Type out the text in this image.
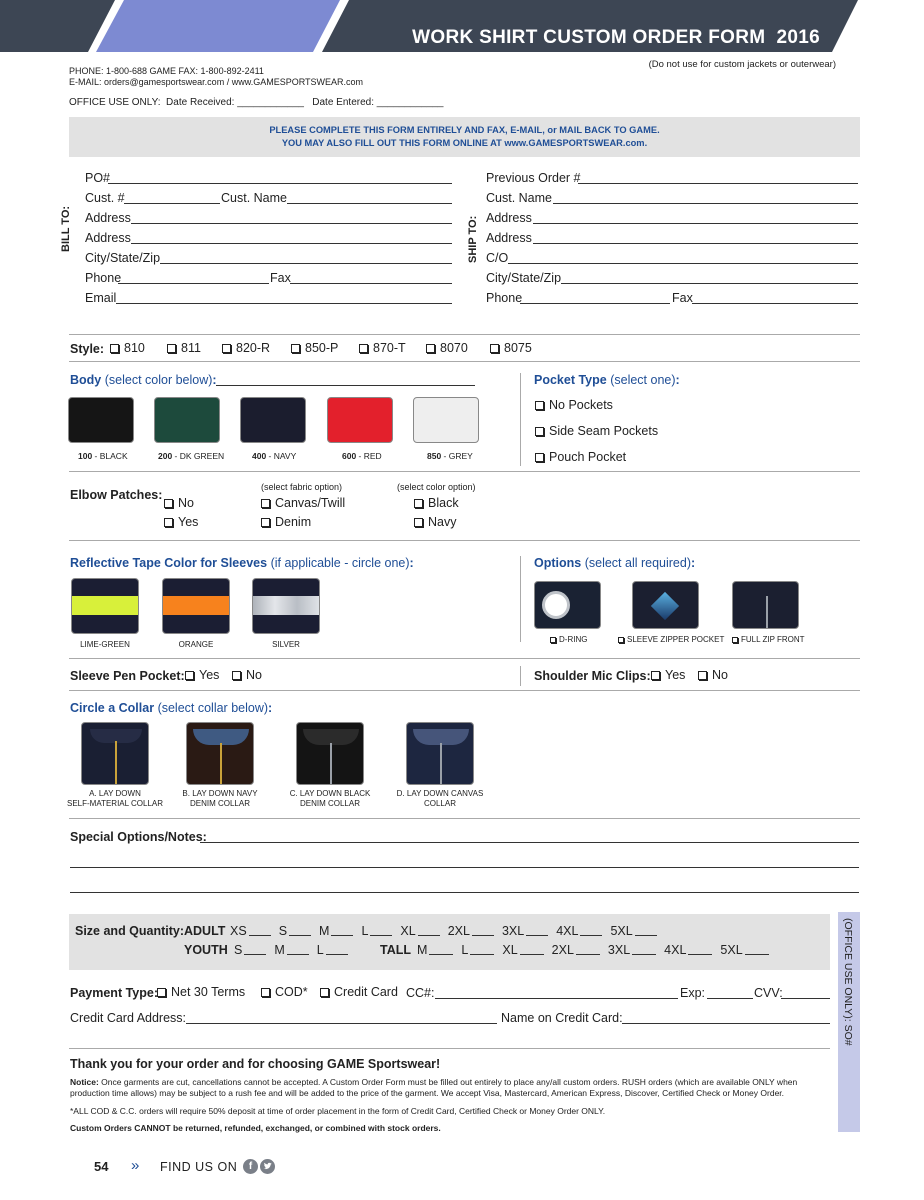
WORK SHIRT CUSTOM ORDER FORM  2016
(Do not use for custom jackets or outerwear)
PHONE: 1-800-688 GAME FAX: 1-800-892-2411
E-MAIL: orders@gamesportswear.com / www.GAMESPORTSWEAR.com
OFFICE USE ONLY:  Date Received: ____________   Date Entered: ____________
PLEASE COMPLETE THIS FORM ENTIRELY AND FAX, E-MAIL, or MAIL BACK TO GAME.
YOU MAY ALSO FILL OUT THIS FORM ONLINE AT www.GAMESPORTSWEAR.com.
BILL TO:
PO#
Cust. #	Cust. Name
Address
Address
City/State/Zip
Phone	Fax
Email
SHIP TO:
Previous Order #
Cust. Name
Address
Address
C/O
City/State/Zip
Phone	Fax
Style:	810	811	820-R	850-P	870-T	8070	8075
Body (select color below):
100 - BLACK	200 - DK GREEN	400 - NAVY	600 - RED	850 - GREY
Pocket Type (select one):
No Pockets
Side Seam Pockets
Pouch Pocket
Elbow Patches:
No
Yes
(select fabric option)
Canvas/Twill
Denim
(select color option)
Black
Navy
Reflective Tape Color for Sleeves (if applicable - circle one):
LIME-GREEN	ORANGE	SILVER
Options (select all required):
D-RING	SLEEVE ZIPPER POCKET	FULL ZIP FRONT
Sleeve Pen Pocket:	Yes	No	Shoulder Mic Clips:	Yes	No
Circle a Collar (select collar below):
A. LAY DOWN
SELF-MATERIAL COLLAR
B. LAY DOWN NAVY
DENIM COLLAR
C. LAY DOWN BLACK
DENIM COLLAR
D. LAY DOWN CANVAS
COLLAR
Special Options/Notes:
Size and Quantity: ADULT XS	S	M	L	XL	2XL	3XL	4XL	5XL
YOUTH S	M	L	TALL M	L	XL	2XL	3XL	4XL	5XL	(OFFICE USE ONLY): SO#
Payment Type:	Net 30 Terms	COD*	Credit Card CC#:	Exp:	CVV:
Credit Card Address:	Name on Credit Card:
Thank you for your order and for choosing GAME Sportswear!
Notice: Once garments are cut, cancellations cannot be accepted. A Custom Order Form must be filled out entirely to place any/all custom orders. RUSH orders (which are available ONLY when production time allows) may be subject to a rush fee and will be added to the price of the garment. We accept Visa, Mastercard, American Express, Discover, Certified Check or Money Order.
*ALL COD & C.C. orders will require 50% deposit at time of order placement in the form of Credit Card, Certified Check or Money Order ONLY.
Custom Orders CANNOT be returned, refunded, exchanged, or combined with stock orders.
54 » FIND US ON	f
